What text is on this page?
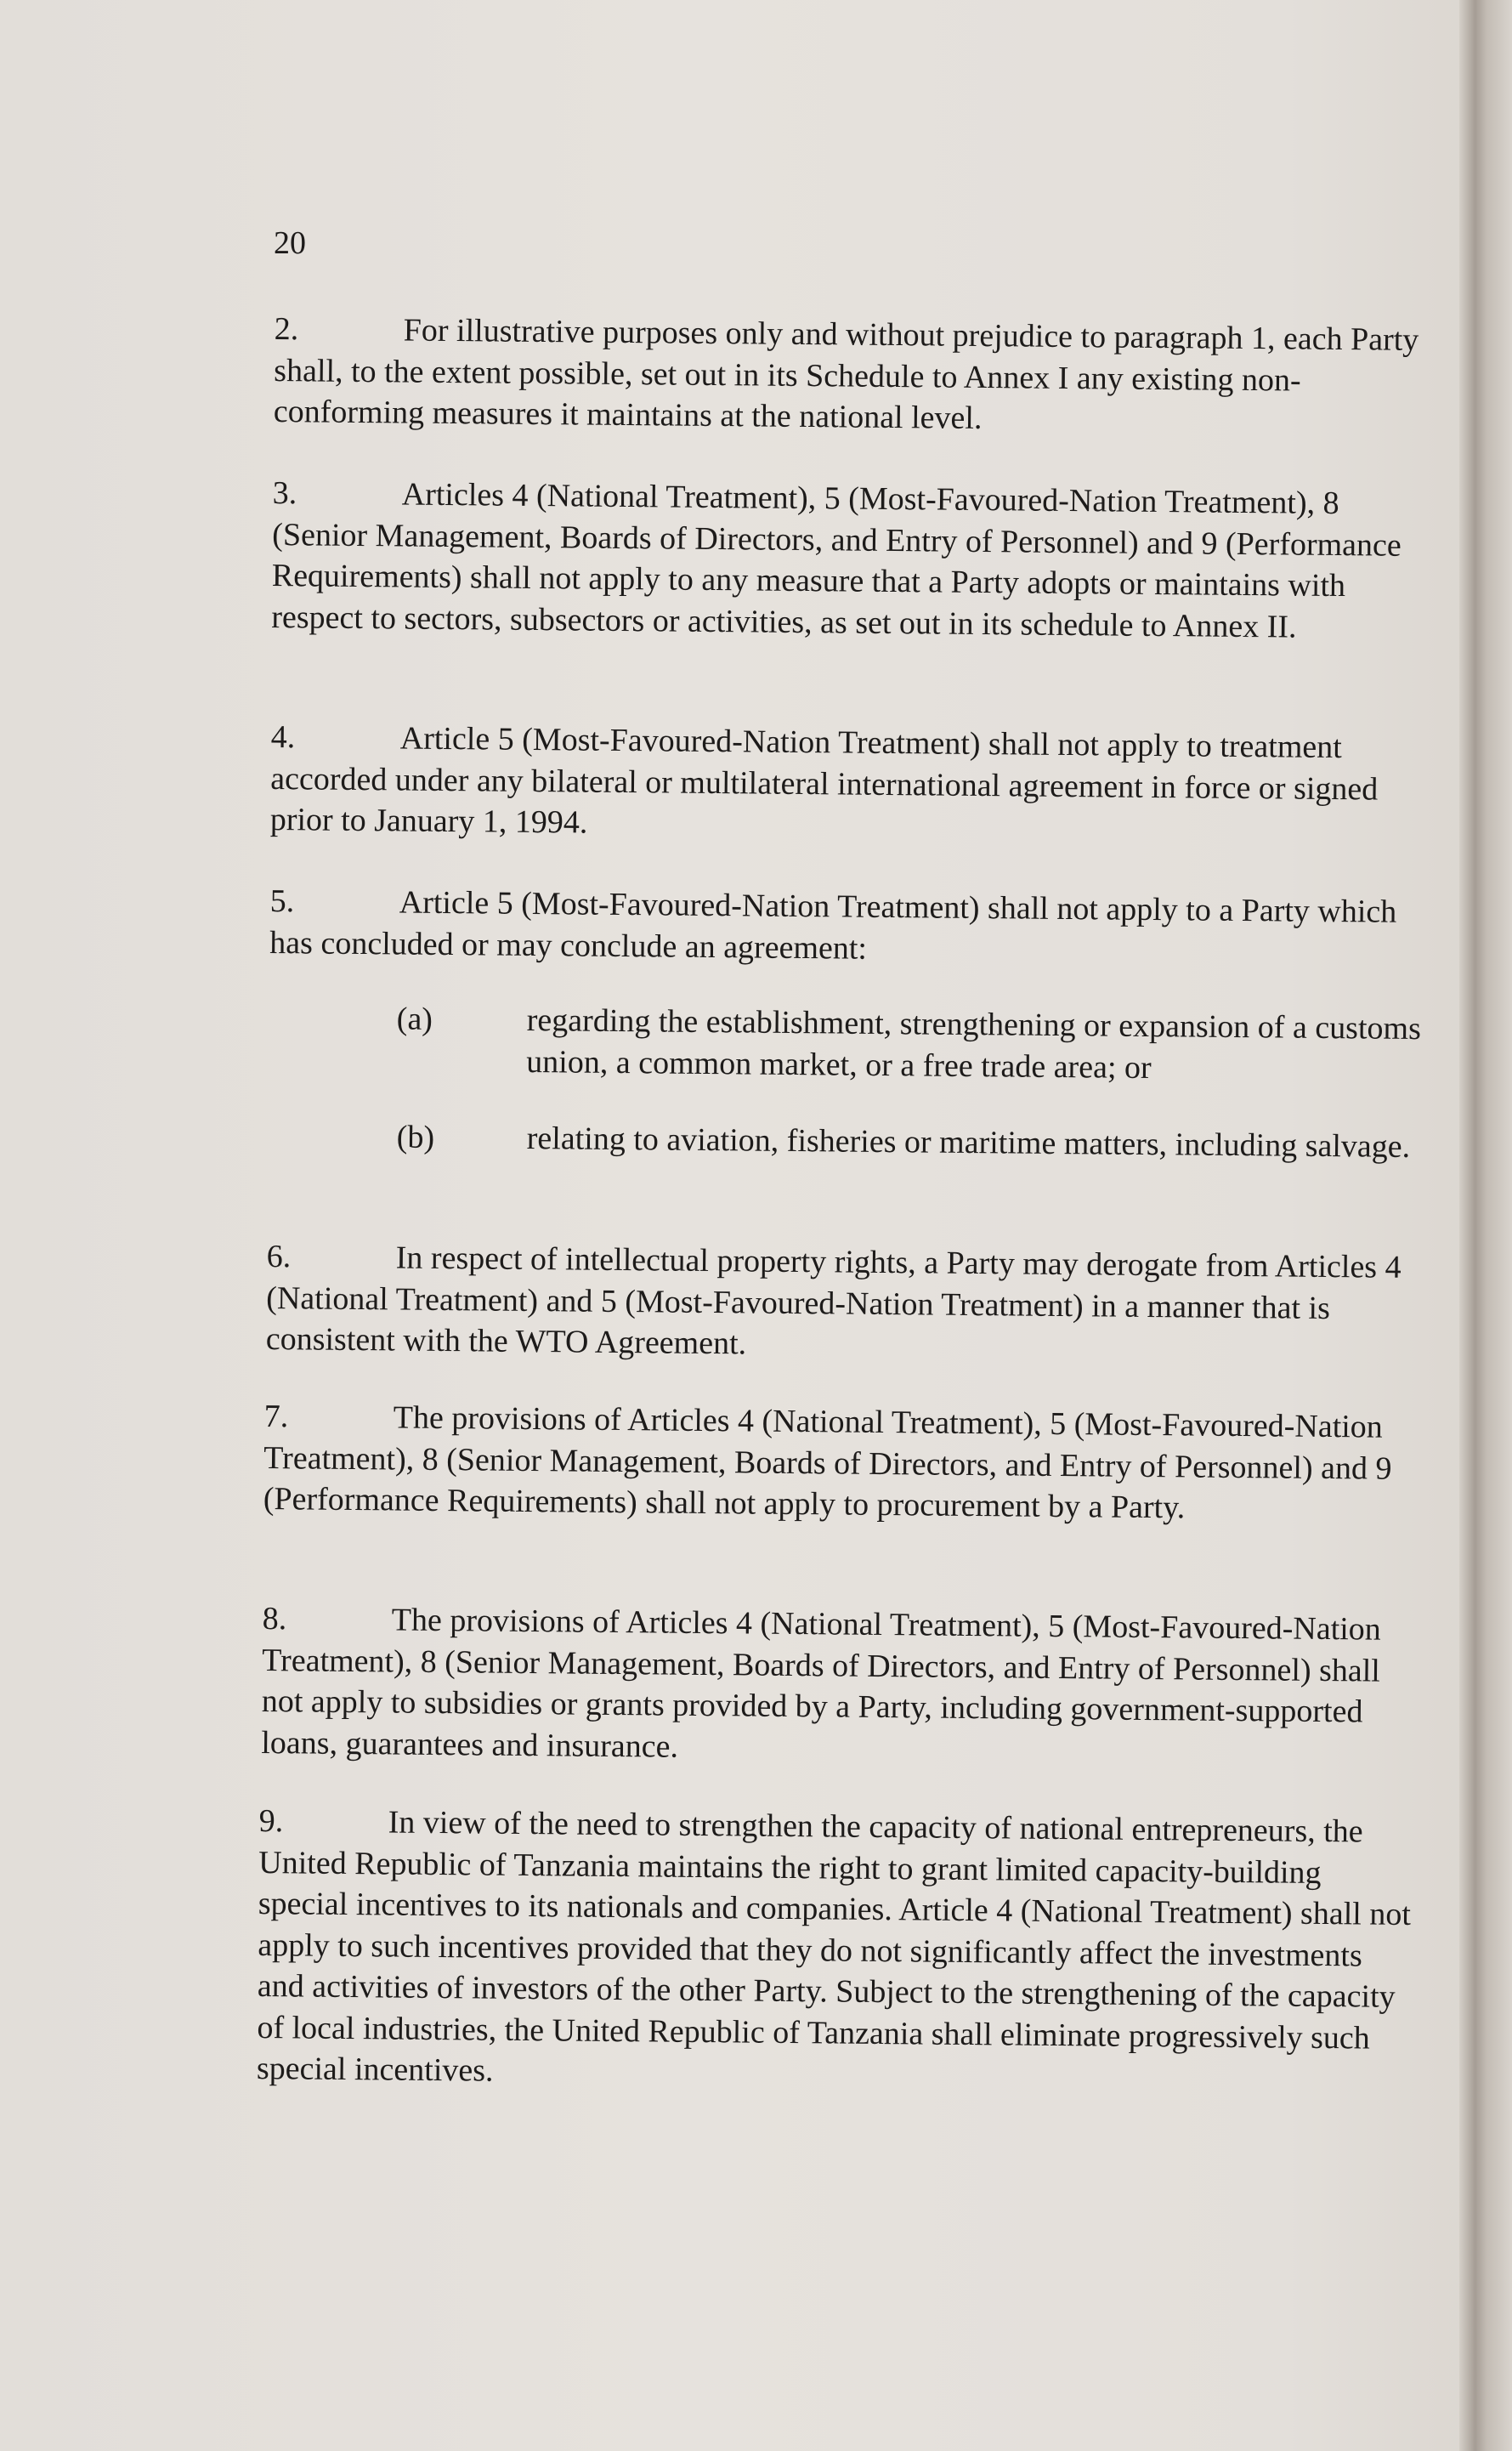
20

2.	For illustrative purposes only and without prejudice to paragraph 1, each Party shall, to the extent possible, set out in its Schedule to Annex I any existing non-conforming measures it maintains at the national level.

3.	Articles 4 (National Treatment), 5 (Most-Favoured-Nation Treatment), 8 (Senior Management, Boards of Directors, and Entry of Personnel) and 9 (Performance Requirements) shall not apply to any measure that a Party adopts or maintains with respect to sectors, subsectors or activities, as set out in its schedule to Annex II.

4.	Article 5 (Most-Favoured-Nation Treatment) shall not apply to treatment accorded under any bilateral or multilateral international agreement in force or signed prior to January 1, 1994.

5.	Article 5 (Most-Favoured-Nation Treatment) shall not apply to a Party which has concluded or may conclude an agreement:

(a)	regarding the establishment, strengthening or expansion of a customs union, a common market, or a free trade area; or

(b)	relating to aviation, fisheries or maritime matters, including salvage.

6.	In respect of intellectual property rights, a Party may derogate from Articles 4 (National Treatment) and 5 (Most-Favoured-Nation Treatment) in a manner that is consistent with the WTO Agreement.

7.	The provisions of Articles 4 (National Treatment), 5 (Most-Favoured-Nation Treatment), 8 (Senior Management, Boards of Directors, and Entry of Personnel) and 9 (Performance Requirements) shall not apply to procurement by a Party.

8.	The provisions of Articles 4 (National Treatment), 5 (Most-Favoured-Nation Treatment), 8 (Senior Management, Boards of Directors, and Entry of Personnel) shall not apply to subsidies or grants provided by a Party, including government-supported loans, guarantees and insurance.

9.	In view of the need to strengthen the capacity of national entrepreneurs, the United Republic of Tanzania maintains the right to grant limited capacity-building special incentives to its nationals and companies. Article 4 (National Treatment) shall not apply to such incentives provided that they do not significantly affect the investments and activities of investors of the other Party. Subject to the strengthening of the capacity of local industries, the United Republic of Tanzania shall eliminate progressively such special incentives.
